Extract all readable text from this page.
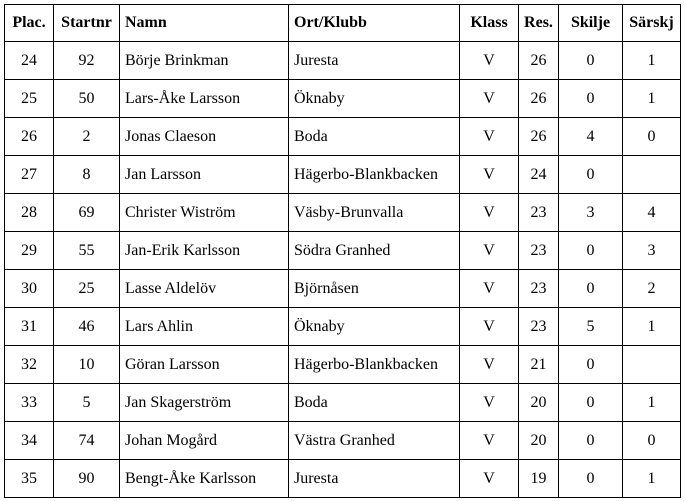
Plac.	Startnr	Namn	Ort/Klubb	Klass	Res.	Skilje	Särskj
24	92	Börje Brinkman	Juresta	V	26	0	1
25	50	Lars-Åke Larsson	Öknaby	V	26	0	1
26	2	Jonas Claeson	Boda	V	26	4	0
27	8	Jan Larsson	Hägerbo-Blankbacken	V	24	0	
28	69	Christer Wiström	Väsby-Brunvalla	V	23	3	4
29	55	Jan-Erik Karlsson	Södra Granhed	V	23	0	3
30	25	Lasse Aldelöv	Björnåsen	V	23	0	2
31	46	Lars Ahlin	Öknaby	V	23	5	1
32	10	Göran Larsson	Hägerbo-Blankbacken	V	21	0	
33	5	Jan Skagerström	Boda	V	20	0	1
34	74	Johan Mogård	Västra Granhed	V	20	0	0
35	90	Bengt-Åke Karlsson	Juresta	V	19	0	1
